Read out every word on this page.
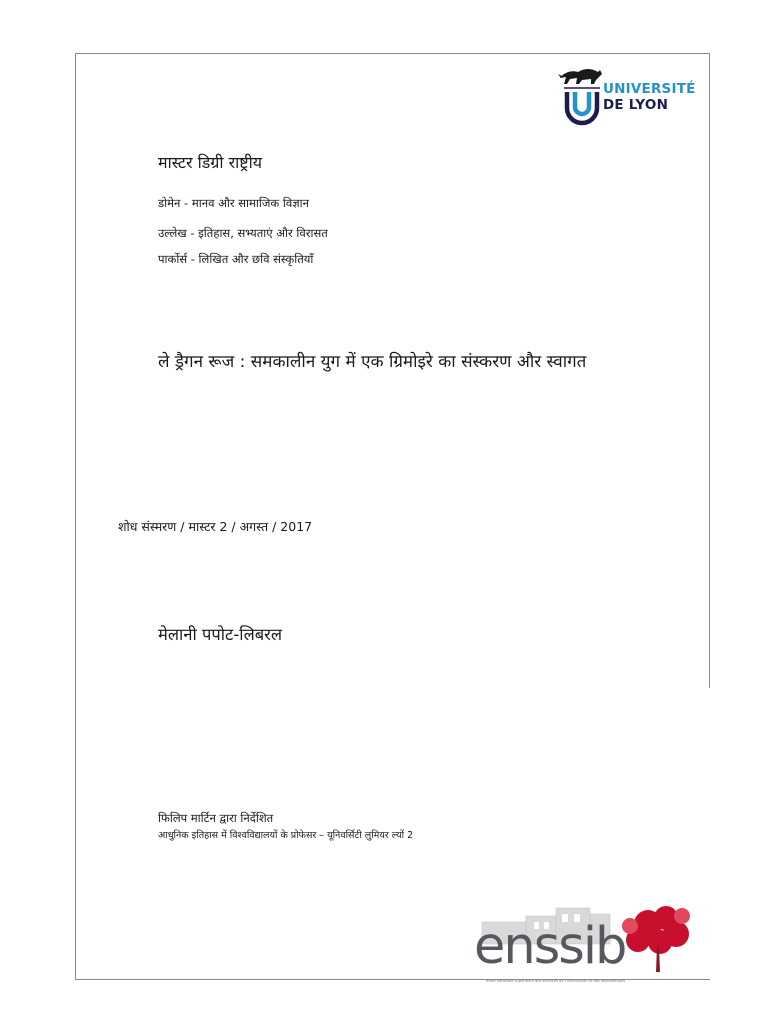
UNIVERSITÉ
DE LYON
मास्टर डिग्री राष्ट्रीय
डोमेन - मानव और सामाजिक विज्ञान
उल्लेख - इतिहास, सभ्यताएं और विरासत
पार्कोर्स - लिखित और छवि संस्कृतियाँ
ले ड्रैगन रूज : समकालीन युग में एक ग्रिमोइरे का संस्करण और स्वागत
शोध संस्मरण / मास्टर 2 / अगस्त / 2017
मेलानी पपोट-लिबरल
फिलिप मार्टिन द्वारा निर्देशित
आधुनिक इतिहास में विश्वविद्यालयों के प्रोफेसर – यूनिवर्सिटी लुमियर ल्यों 2
enssib
école nationale supérieure des sciences de l'information et des bibliothèques
